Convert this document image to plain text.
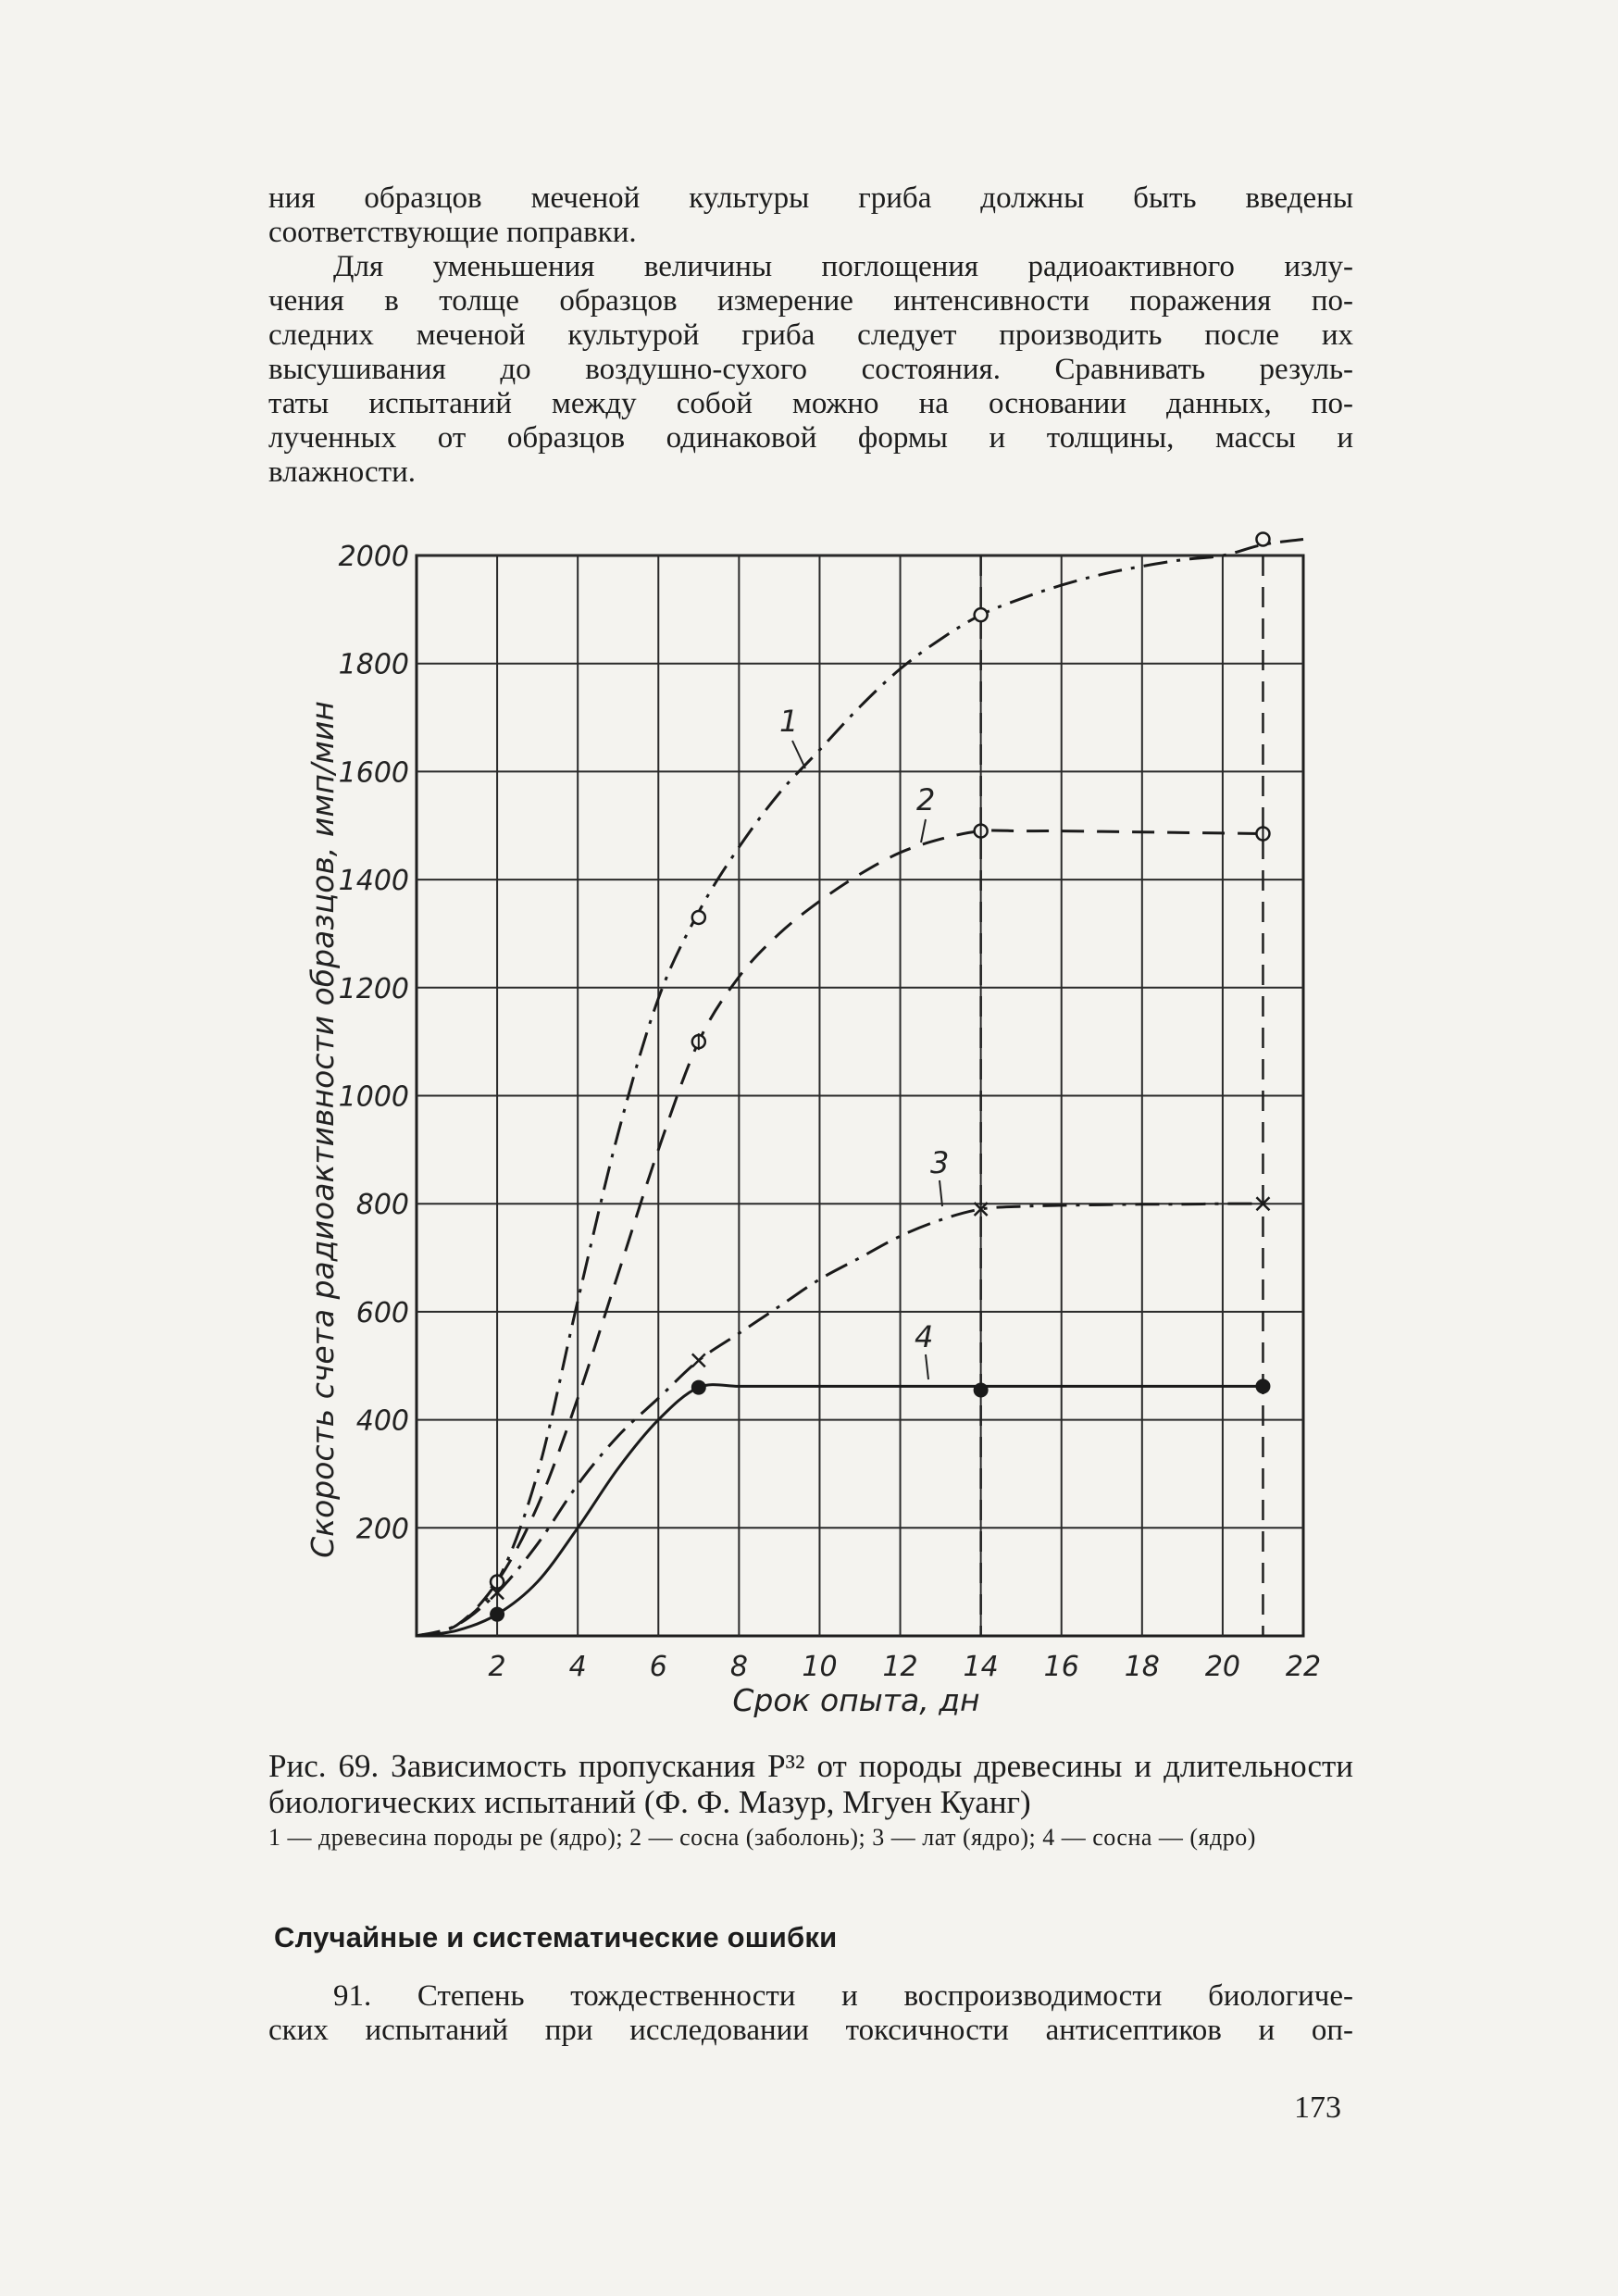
ния образцов меченой культуры гриба должны быть введены
соответствующие поправки.
Для уменьшения величины поглощения радиоактивного излу-
чения в толще образцов измерение интенсивности поражения по-
следних меченой культурой гриба следует производить после их
высушивания до воздушно-сухого состояния. Сравнивать резуль-
таты испытаний между собой можно на основании данных, по-
лученных от образцов одинаковой формы и толщины, массы и
влажности.
2 4 6 8 10 12 14 16 18 20 22
200
400
600
800
1000
1200
1400
1600
1800
2000
Срок опыта, дн
Скорость счета радиоактивности образцов, имп/мин	1
2
3
4
Рис. 69. Зависимость пропускания P³² от породы древесины и длительности биологических испытаний (Ф. Ф. Мазур, Мгуен Куанг)
1 — древесина породы ре (ядро); 2 — сосна (заболонь); 3 — лат (ядро); 4 — сосна — (ядро)
Случайные и систематические ошибки
91. Степень тождественности и воспроизводимости биологиче-
ских испытаний при исследовании токсичности антисептиков и оп-
173
